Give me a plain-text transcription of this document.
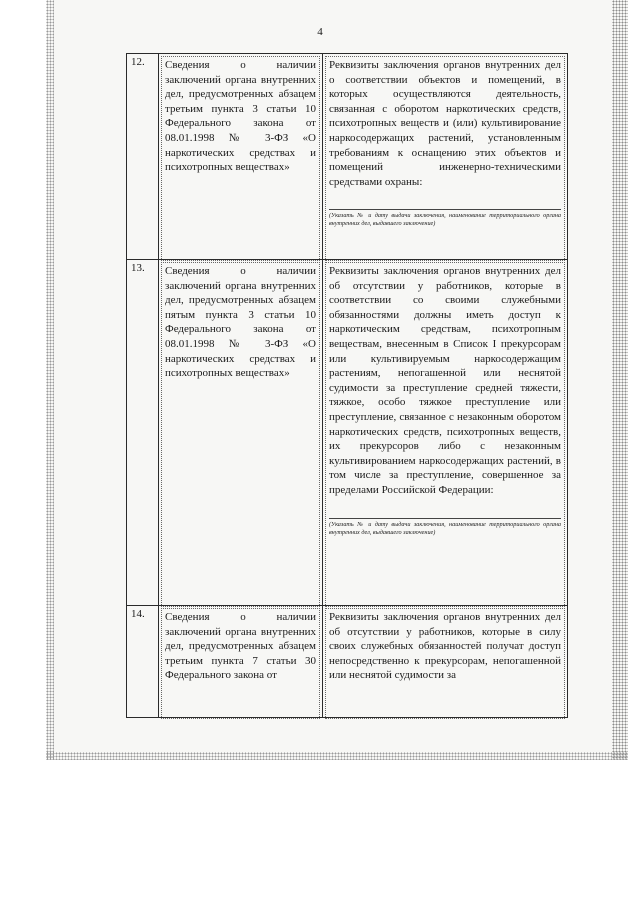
4
12.	Сведения о наличии заключений органа внутренних дел, предусмотренных абзацем третьим пункта 3 статьи 10 Федерального закона от 08.01.1998 № 3-ФЗ «О наркотических средствах и психотропных веществах»	Реквизиты заключения органов внутренних дел о соответствии объектов и помещений, в которых осуществляются деятельность, связанная с оборотом наркотических средств, психотропных веществ и (или) культивирование наркосодержащих растений, установленным требованиям к оснащению этих объектов и помещений инженерно-техническими средствами охраны:
(Указать № и дату выдачи заключения, наименование территориального органа внутренних дел, выдавшего заключение)

13.	Сведения о наличии заключений органа внутренних дел, предусмотренных абзацем пятым пункта 3 статьи 10 Федерального закона от 08.01.1998 № 3-ФЗ «О наркотических средствах и психотропных веществах»	Реквизиты заключения органов внутренних дел об отсутствии у работников, которые в соответствии со своими служебными обязанностями должны иметь доступ к наркотическим средствам, психотропным веществам, внесенным в Список I прекурсорам или культивируемым наркосодержащим растениям, непогашенной или неснятой судимости за преступление средней тяжести, тяжкое, особо тяжкое преступление или преступление, связанное с незаконным оборотом наркотических средств, психотропных веществ, их прекурсоров либо с незаконным культивированием наркосодержащих растений, в том числе за преступление, совершенное за пределами Российской Федерации:
(Указать № и дату выдачи заключения, наименование территориального органа внутренних дел, выдавшего заключение)

14.	Сведения о наличии заключений органа внутренних дел, предусмотренных абзацем третьим пункта 7 статьи 30 Федерального закона от	Реквизиты заключения органов внутренних дел об отсутствии у работников, которые в силу своих служебных обязанностей получат доступ непосредственно к прекурсорам, непогашенной или неснятой судимости за
